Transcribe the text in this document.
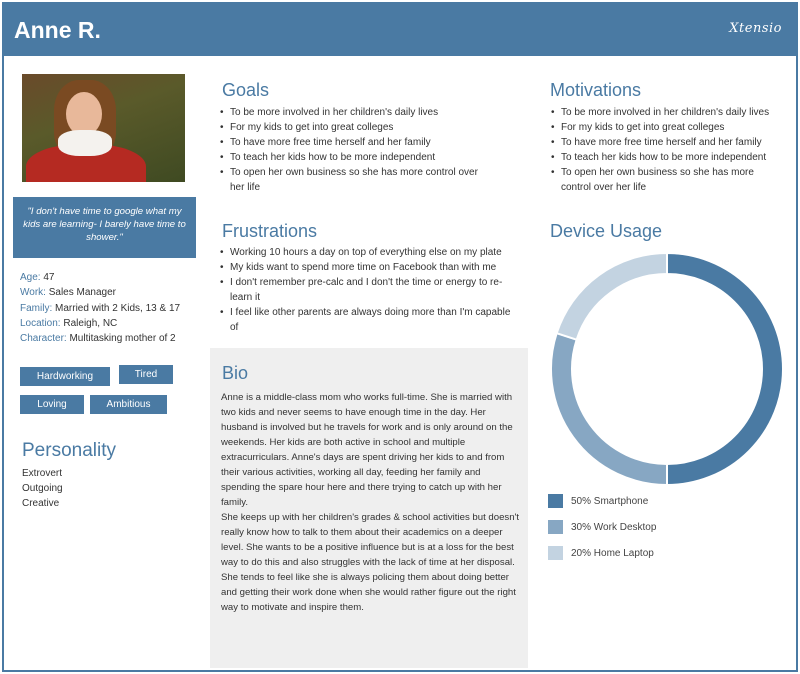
Anne R.	Xtensio
"I don't have time to google what my kids are learning- I barely have time to shower."
Age: 47
Work: Sales Manager
Family: Married with 2 Kids, 13 & 17
Location: Raleigh, NC
Character: Multitasking mother of 2
Hardworking	Tired
Loving	Ambitious
Personality
Extrovert
Outgoing
Creative
Goals
• To be more involved in her children's daily lives
• For my kids to get into great colleges
• To have more free time herself and her family
• To teach her kids how to be more independent
• To open her own business so she has more control over her life
Frustrations
• Working 10 hours a day on top of everything else on my plate
• My kids want to spend more time on Facebook than with me
• I don't remember pre-calc and I don't the time or energy to re-learn it
• I feel like other parents are always doing more than I'm capable of
Bio
Anne is a middle-class mom who works full-time. She is married with two kids and never seems to have enough time in the day. Her husband is involved but he travels for work and is only around on the weekends. Her kids are both active in school and multiple extracurriculars. Anne's days are spent driving her kids to and from their various activities, working all day, feeding her family and spending the spare hour here and there trying to catch up with her family.
She keeps up with her children's grades & school activities but doesn't really know how to talk to them about their academics on a deeper level. She wants to be a positive influence but is at a loss for the best way to do this and also struggles with the lack of time at her disposal. She tends to feel like she is always policing them about doing better and getting their work done when she would rather figure out the right way to motivate and inspire them.
Motivations
• To be more involved in her children's daily lives
• For my kids to get into great colleges
• To have more free time herself and her family
• To teach her kids how to be more independent
• To open her own business so she has more control over her life
Device Usage
50% Smartphone
30% Work Desktop
20% Home Laptop
